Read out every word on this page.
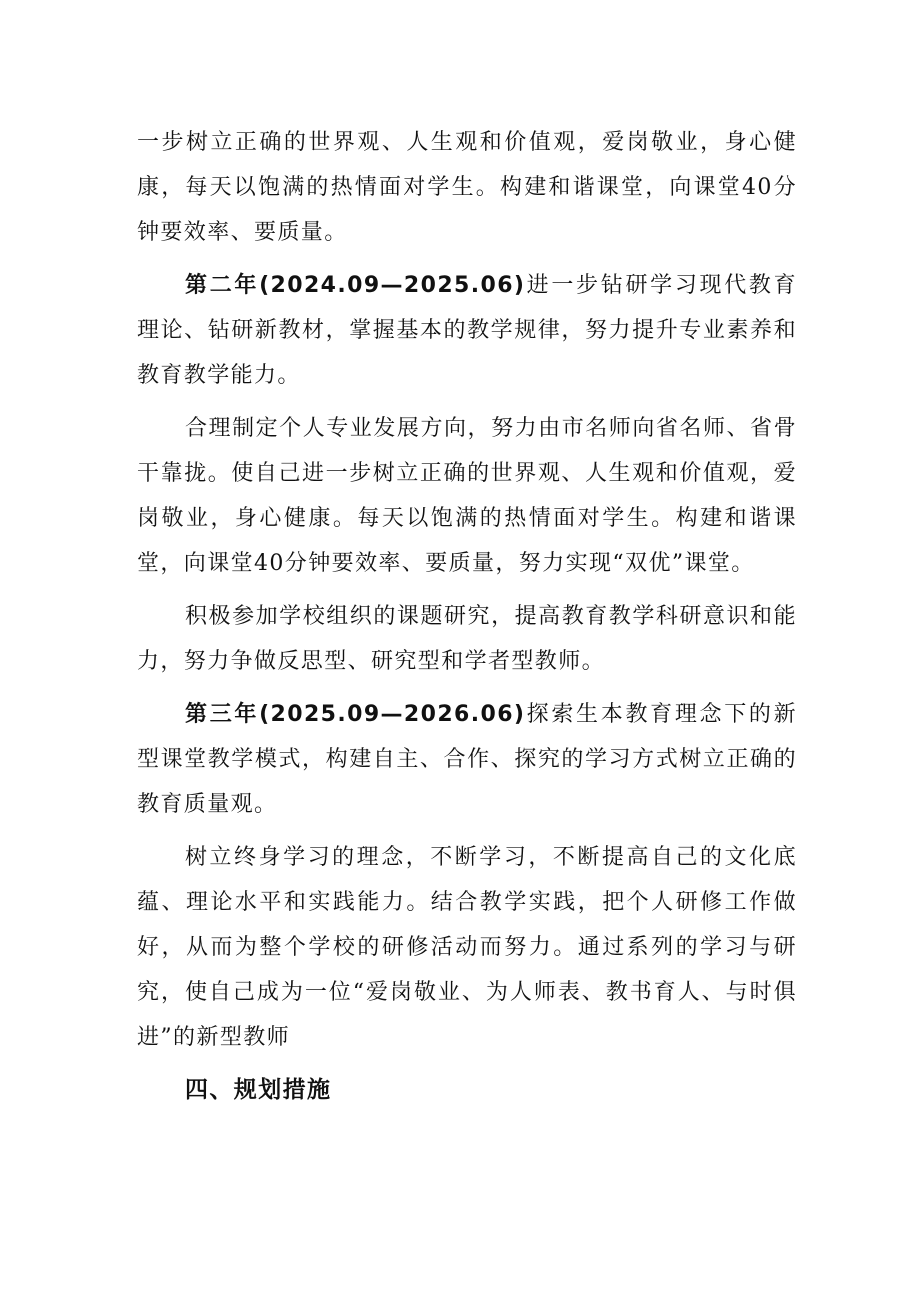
一步树立正确的世界观、人生观和价值观，爱岗敬业，身心健康，每天以饱满的热情面对学生。构建和谐课堂，向课堂40分钟要效率、要质量。

第二年(2024.09—2025.06)进一步钻研学习现代教育理论、钻研新教材，掌握基本的教学规律，努力提升专业素养和教育教学能力。

合理制定个人专业发展方向，努力由市名师向省名师、省骨干靠拢。使自己进一步树立正确的世界观、人生观和价值观，爱岗敬业，身心健康。每天以饱满的热情面对学生。构建和谐课堂，向课堂40分钟要效率、要质量，努力实现“双优”课堂。

积极参加学校组织的课题研究，提高教育教学科研意识和能力，努力争做反思型、研究型和学者型教师。

第三年(2025.09—2026.06)探索生本教育理念下的新型课堂教学模式，构建自主、合作、探究的学习方式树立正确的教育质量观。

树立终身学习的理念，不断学习，不断提高自己的文化底蕴、理论水平和实践能力。结合教学实践，把个人研修工作做好，从而为整个学校的研修活动而努力。通过系列的学习与研究，使自己成为一位“爱岗敬业、为人师表、教书育人、与时俱进”的新型教师

四、规划措施
